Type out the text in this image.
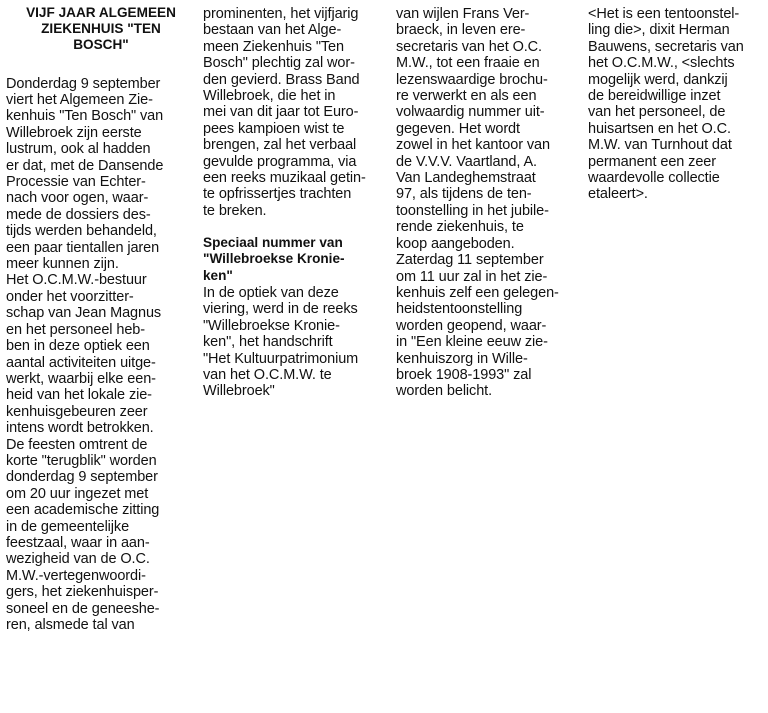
VIJF JAAR ALGEMEEN
ZIEKENHUIS "TEN
BOSCH"
Donderdag 9 september
viert het Algemeen Zie-
kenhuis "Ten Bosch" van
Willebroek zijn eerste
lustrum, ook al hadden
er dat, met de Dansende
Processie van Echter-
nach voor ogen, waar-
mede de dossiers des-
tijds werden behandeld,
een paar tientallen jaren
meer kunnen zijn.
Het O.C.M.W.-bestuur
onder het voorzitter-
schap van Jean Magnus
en het personeel heb-
ben in deze optiek een
aantal activiteiten uitge-
werkt, waarbij elke een-
heid van het lokale zie-
kenhuisgebeuren zeer
intens wordt betrokken.
De feesten omtrent de
korte "terugblik" worden
donderdag 9 september
om 20 uur ingezet met
een academische zitting
in de gemeentelijke
feestzaal, waar in aan-
wezigheid van de O.C.
M.W.-vertegenwoordi-
gers, het ziekenhuisper-
soneel en de geneeshe-
ren, alsmede tal van
prominenten, het vijfjarig
bestaan van het Alge-
meen Ziekenhuis "Ten
Bosch" plechtig zal wor-
den gevierd. Brass Band
Willebroek, die het in
mei van dit jaar tot Euro-
pees kampioen wist te
brengen, zal het verbaal
gevulde programma, via
een reeks muzikaal getin-
te opfrissertjes trachten
te breken.
Speciaal nummer van
"Willebroekse Kronie-
ken"
In de optiek van deze
viering, werd in de reeks
"Willebroekse Kronie-
ken", het handschrift
"Het Kultuurpatrimonium
van het O.C.M.W. te
Willebroek"
van wijlen Frans Ver-
braeck, in leven ere-
secretaris van het O.C.
M.W., tot een fraaie en
lezenswaardige brochu-
re verwerkt en als een
volwaardig nummer uit-
gegeven. Het wordt
zowel in het kantoor van
de V.V.V. Vaartland, A.
Van Landeghemstraat
97, als tijdens de ten-
toonstelling in het jubile-
rende ziekenhuis, te
koop aangeboden.
Zaterdag 11 september
om 11 uur zal in het zie-
kenhuis zelf een gelegen-
heidstentoonstelling
worden geopend, waar-
in "Een kleine eeuw zie-
kenhuiszorg in Wille-
broek 1908-1993" zal
worden belicht.
<Het is een tentoonstel-
ling die>, dixit Herman
Bauwens, secretaris van
het O.C.M.W., <slechts
mogelijk werd, dankzij
de bereidwillige inzet
van het personeel, de
huisartsen en het O.C.
M.W. van Turnhout dat
permanent een zeer
waardevolle collectie
etaleert>.
